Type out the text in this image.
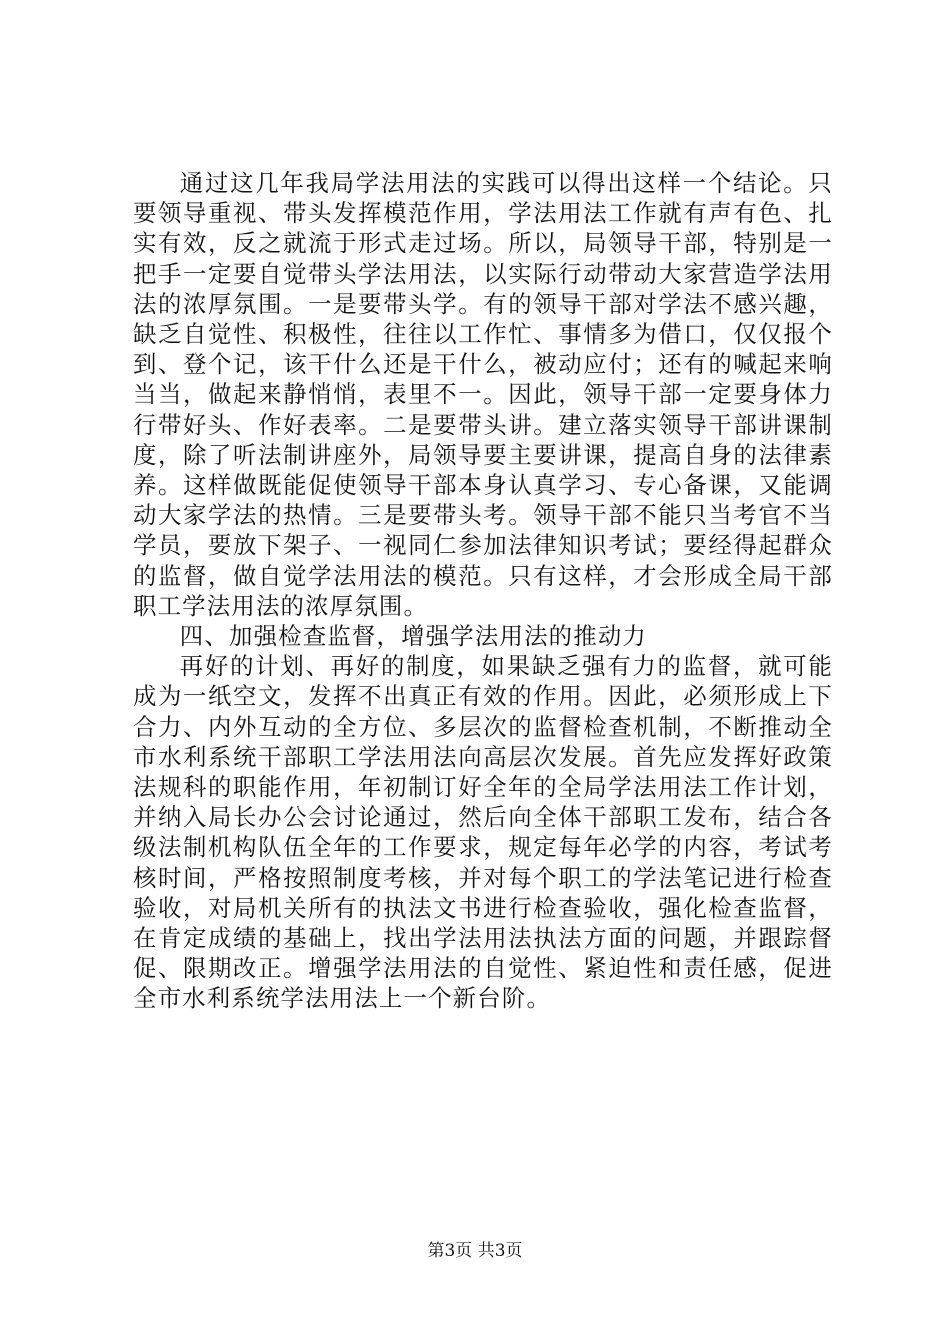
通过这几年我局学法用法的实践可以得出这样一个结论。只要领导重视、带头发挥模范作用，学法用法工作就有声有色、扎实有效，反之就流于形式走过场。所以，局领导干部，特别是一把手一定要自觉带头学法用法，以实际行动带动大家营造学法用法的浓厚氛围。一是要带头学。有的领导干部对学法不感兴趣，缺乏自觉性、积极性，往往以工作忙、事情多为借口，仅仅报个到、登个记，该干什么还是干什么，被动应付；还有的喊起来响当当，做起来静悄悄，表里不一。因此，领导干部一定要身体力行带好头、作好表率。二是要带头讲。建立落实领导干部讲课制度，除了听法制讲座外，局领导要主要讲课，提高自身的法律素养。这样做既能促使领导干部本身认真学习、专心备课，又能调动大家学法的热情。三是要带头考。领导干部不能只当考官不当学员，要放下架子、一视同仁参加法律知识考试；要经得起群众的监督，做自觉学法用法的模范。只有这样，才会形成全局干部职工学法用法的浓厚氛围。

四、加强检查监督，增强学法用法的推动力

再好的计划、再好的制度，如果缺乏强有力的监督，就可能成为一纸空文，发挥不出真正有效的作用。因此，必须形成上下合力、内外互动的全方位、多层次的监督检查机制，不断推动全市水利系统干部职工学法用法向高层次发展。首先应发挥好政策法规科的职能作用，年初制订好全年的全局学法用法工作计划，并纳入局长办公会讨论通过，然后向全体干部职工发布，结合各级法制机构队伍全年的工作要求，规定每年必学的内容，考试考核时间，严格按照制度考核，并对每个职工的学法笔记进行检查验收，对局机关所有的执法文书进行检查验收，强化检查监督，在肯定成绩的基础上，找出学法用法执法方面的问题，并跟踪督促、限期改正。增强学法用法的自觉性、紧迫性和责任感，促进全市水利系统学法用法上一个新台阶。

第3页 共3页
